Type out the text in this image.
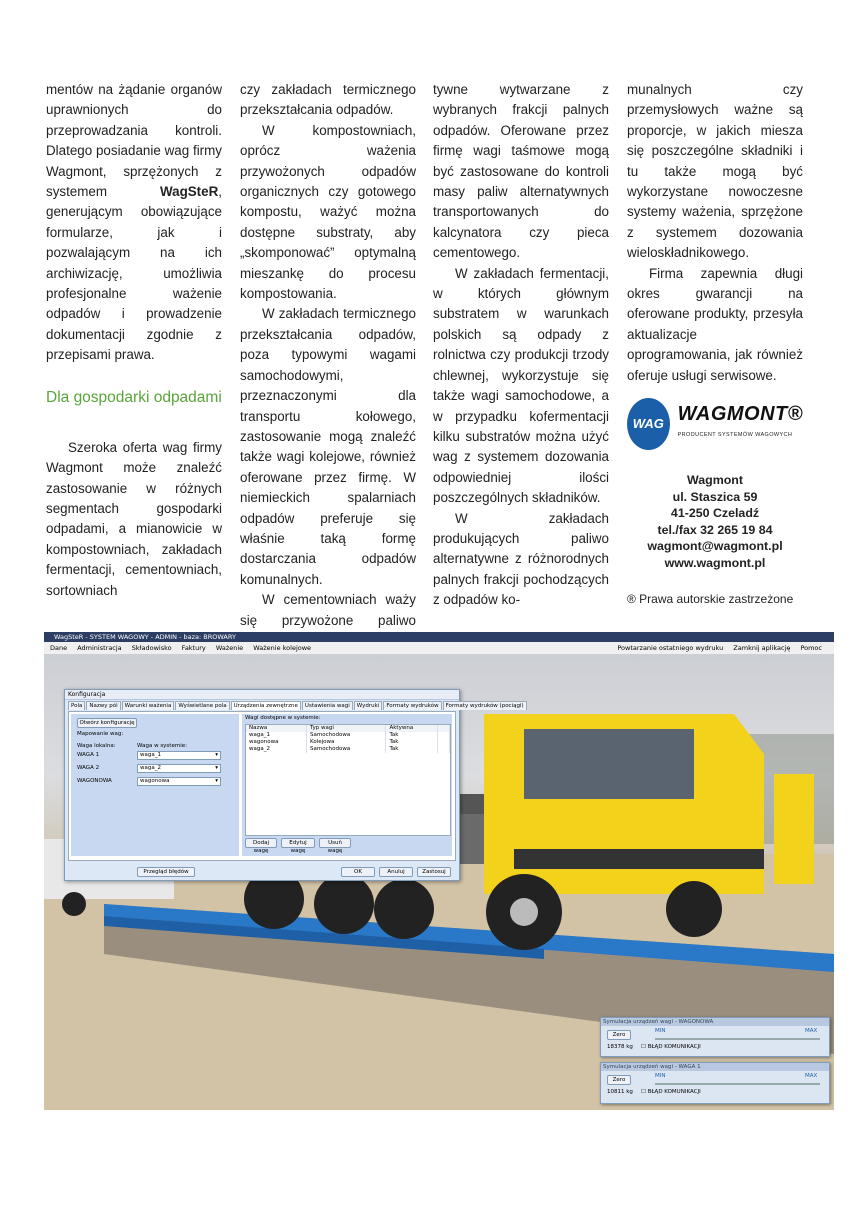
mentów na żądanie organów uprawnionych do przeprowadzania kontroli. Dlatego posiadanie wag firmy Wagmont, sprzężonych z systemem WagSteR, generującym obowiązujące formularze, jak i pozwalającym na ich archiwizację, umożliwia profesjonalne ważenie odpadów i prowadzenie dokumentacji zgodnie z przepisami prawa.

Dla gospodarki odpadami

Szeroka oferta wag firmy Wagmont może znaleźć zastosowanie w różnych segmentach gospodarki odpadami, a mianowicie w kompostowniach, zakładach fermentacji, cementowniach, sortowniach

czy zakładach termicznego przekształcania odpadów.

W kompostowniach, oprócz ważenia przywożonych odpadów organicznych czy gotowego kompostu, ważyć można dostępne substraty, aby „skomponować” optymalną mieszankę do procesu kompostowania.

W zakładach termicznego przekształcania odpadów, poza typowymi wagami samochodowymi, przeznaczonymi dla transportu kołowego, zastosowanie mogą znaleźć także wagi kolejowe, również oferowane przez firmę. W niemieckich spalarniach odpadów preferuje się właśnie taką formę dostarczania odpadów komunalnych.

W cementowniach waży się przywożone paliwo

tywne wytwarzane z wybranych frakcji palnych odpadów. Oferowane przez firmę wagi taśmowe mogą być zastosowane do kontroli masy paliw alternatywnych transportowanych do kalcynatora czy pieca cementowego.

W zakładach fermentacji, w których głównym substratem w warunkach polskich są odpady z rolnictwa czy produkcji trzody chlewnej, wykorzystuje się także wagi samochodowe, a w przypadku kofermentacji kilku substratów można użyć wag z systemem dozowania odpowiedniej ilości poszczególnych składników.

W zakładach produkujących paliwo alternatywne z różnorodnych palnych frakcji pochodzących z odpadów ko-

munalnych czy przemysłowych ważne są proporcje, w jakich miesza się poszczególne składniki i tu także mogą być wykorzystane nowoczesne systemy ważenia, sprzężone z systemem dozowania wieloskładnikowego.

Firma zapewnia długi okres gwarancji na oferowane produkty, przesyła aktualizacje oprogramowania, jak również oferuje usługi serwisowe.

WAG WAGMONT®
PRODUCENT SYSTEMÓW WAGOWYCH
Wagmont
ul. Staszica 59
41-250 Czeladź
tel./fax 32 265 19 84
wagmont@wagmont.pl
www.wagmont.pl
® Prawa autorskie zastrzeżone
WagSteR - SYSTEM WAGOWY - ADMIN - baza: BROWARY
Dane Administracja Składowisko Faktury Ważenie Ważenie kolejowe	Powtarzanie ostatniego wydruku Zamknij aplikację Pomoc
Konfiguracja
Pola	Nazwy pól	Warunki ważenia	Wyświetlane pola	Urządzenia zewnętrzne	Ustawienia wagi	Wydruki	Formaty wydruków	Formaty wydruków (pociągi)
Otwórz konfigurację
Mapowanie wag:
Waga lokalna:	Waga w systemie:
WAGA 1	waga_1 ▾
WAGA 2	waga_2 ▾
WAGONOWA	wagonowa ▾
Wagi dostępne w systemie:
Nazwa	Typ wagi	Aktywna	
waga_1	Samochodowa	Tak	
wagonowa	Kolejowa	Tak	
waga_2	Samochodowa	Tak	
Dodaj wagę
Edytuj wagę
Usuń wagę
Przegląd błędów	OK	Anuluj	Zastosuj
Symulacja urządzeń wagi - WAGONOWA
Zero
MIN	MAX
18378 kg ☐ BŁĄD KOMUNIKACJI
Symulacja urządzeń wagi - WAGA 1
Zero
MIN	MAX
10811 kg ☐ BŁĄD KOMUNIKACJI
